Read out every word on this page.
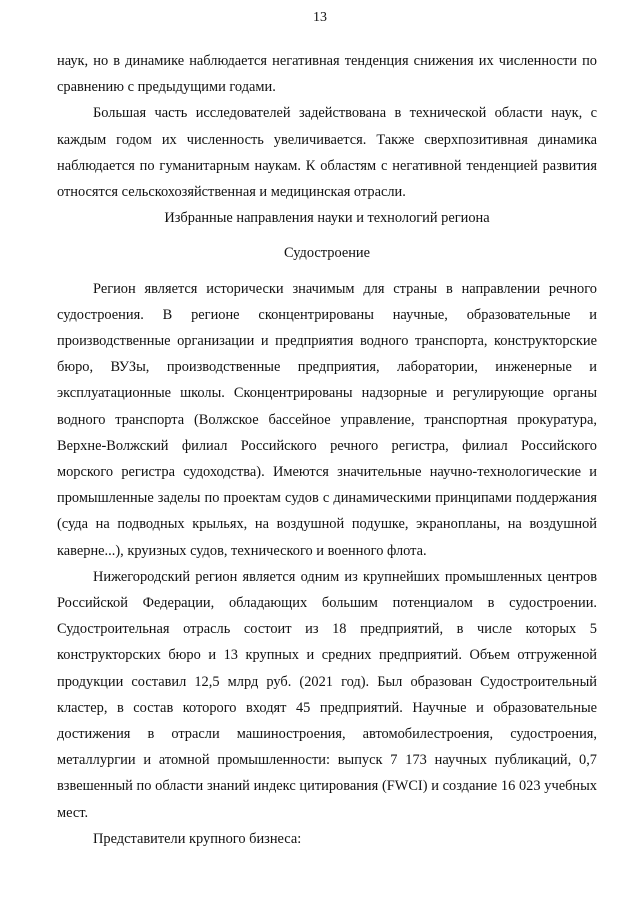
13

наук, но в динамике наблюдается негативная тенденция снижения их численности по сравнению с предыдущими годами.

Большая часть исследователей задействована в технической области наук, с каждым годом их численность увеличивается. Также сверхпозитивная динамика наблюдается по гуманитарным наукам. К областям с негативной тенденцией развития относятся сельскохозяйственная и медицинская отрасли.

Избранные направления науки и технологий региона
Судостроение

Регион является исторически значимым для страны в направлении речного судостроения. В регионе сконцентрированы научные, образовательные и производственные организации и предприятия водного транспорта, конструкторские бюро, ВУЗы, производственные предприятия, лаборатории, инженерные и эксплуатационные школы. Сконцентрированы надзорные и регулирующие органы водного транспорта (Волжское бассейное управление, транспортная прокуратура, Верхне-Волжский филиал Российского речного регистра, филиал Российского морского регистра судоходства). Имеются значительные научно-технологические и промышленные заделы по проектам судов с динамическими принципами поддержания (суда на подводных крыльях, на воздушной подушке, экранопланы, на воздушной каверне...), круизных судов, технического и военного флота.

Нижегородский регион является одним из крупнейших промышленных центров Российской Федерации, обладающих большим потенциалом в судостроении. Судостроительная отрасль состоит из 18 предприятий, в числе которых 5 конструкторских бюро и 13 крупных и средних предприятий. Объем отгруженной продукции составил 12,5 млрд руб. (2021 год). Был образован Судостроительный кластер, в состав которого входят 45 предприятий. Научные и образовательные достижения в отрасли машиностроения, автомобилестроения, судостроения, металлургии и атомной промышленности: выпуск 7 173 научных публикаций, 0,7 взвешенный по области знаний индекс цитирования (FWCI) и создание 16 023 учебных мест.

Представители крупного бизнеса:
